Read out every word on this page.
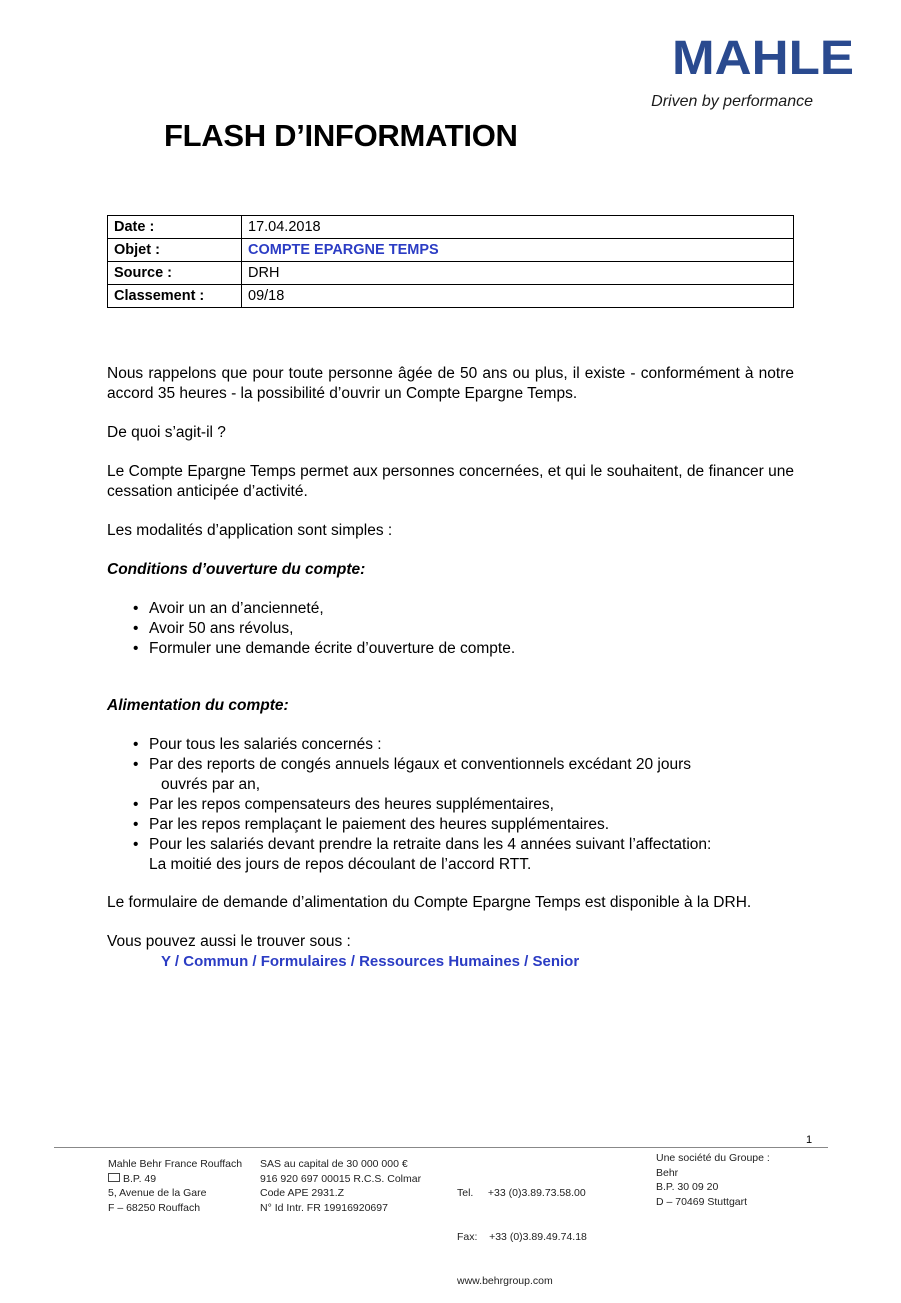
MAHLE
Driven by performance
FLASH D’INFORMATION
Date :	17.04.2018
Objet :	COMPTE EPARGNE TEMPS
Source :	DRH
Classement :	09/18

Nous rappelons que pour toute personne âgée de 50 ans ou plus, il existe - conformément à notre accord 35 heures - la possibilité d’ouvrir un Compte Epargne Temps.

De quoi s’agit-il ?

Le Compte Epargne Temps permet aux personnes concernées, et qui le souhaitent, de financer une cessation anticipée d’activité.

Les modalités d’application sont simples :

Conditions d’ouverture du compte:
• Avoir un an d’ancienneté,
• Avoir 50 ans révolus,
• Formuler une demande écrite d’ouverture de compte.
Alimentation du compte:
• Pour tous les salariés concernés :
• Par des reports de congés annuels légaux et conventionnels excédant 20 jours
ouvrés par an,
• Par les repos compensateurs des heures supplémentaires,
• Par les repos remplaçant le paiement des heures supplémentaires.
• Pour les salariés devant prendre la retraite dans les 4 années suivant l’affectation:
La moitié des jours de repos découlant de l’accord RTT.

Le formulaire de demande d’alimentation du Compte Epargne Temps est disponible à la DRH.

Vous pouvez aussi le trouver sous :
Y / Commun / Formulaires / Ressources Humaines / Senior
1
Mahle Behr France Rouffach
B.P. 49
5, Avenue de la Gare
F – 68250 Rouffach
SAS au capital de 30 000 000 €
916 920 697 00015 R.C.S. Colmar
Code APE 2931.Z
N° Id Intr. FR 19916920697

Tel.     +33 (0)3.89.73.58.00

Fax:    +33 (0)3.89.49.74.18

www.behrgroup.com

Une société du Groupe :
Behr
B.P. 30 09 20
D – 70469 Stuttgart
